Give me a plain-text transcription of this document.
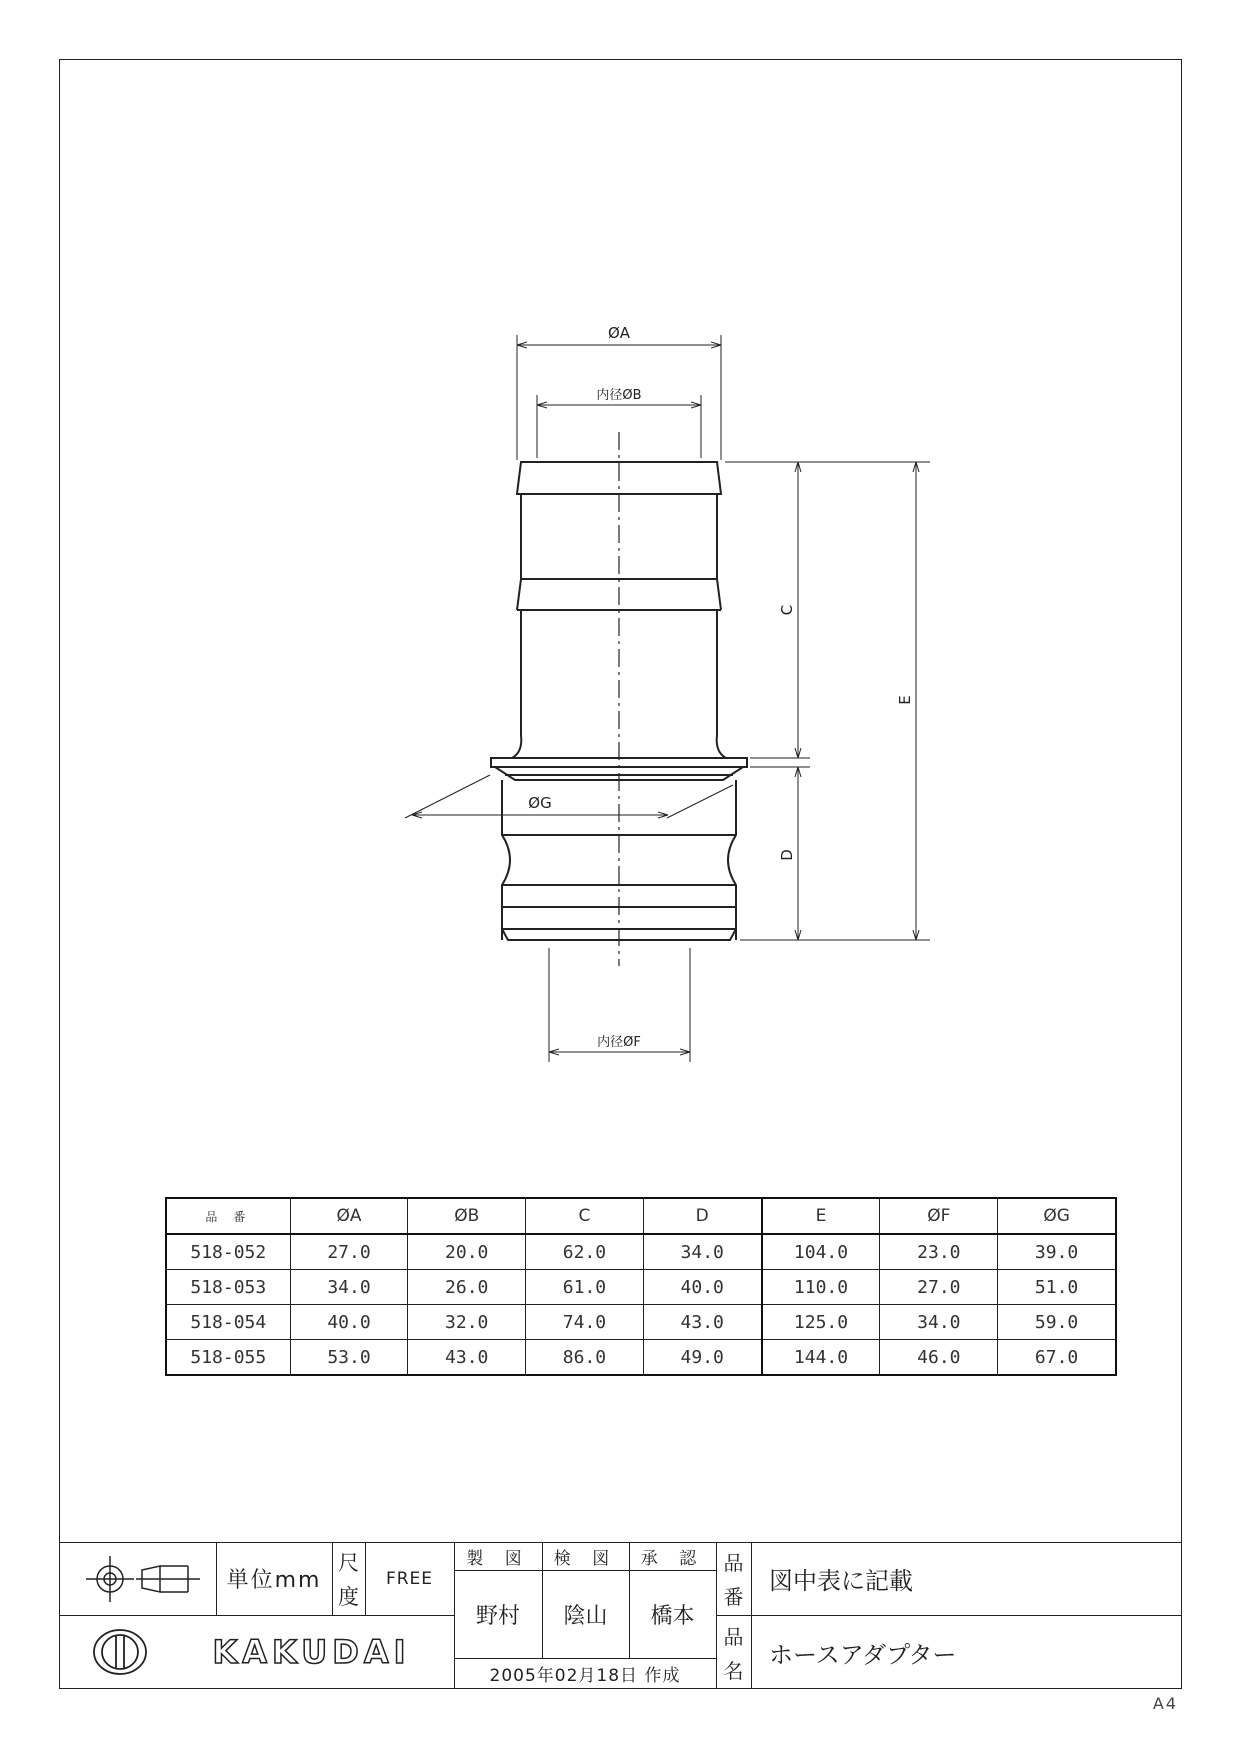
ØA
内径ØB
C
D
E
ØG
内径ØF
品 番	ØA	ØB	C	D	E	ØF	ØG
518-052	27.0	20.0	62.0	34.0	104.0	23.0	39.0
518-053	34.0	26.0	61.0	40.0	110.0	27.0	51.0
518-054	40.0	32.0	74.0	43.0	125.0	34.0	59.0
518-055	53.0	43.0	86.0	49.0	144.0	46.0	67.0
単位mm
尺
度
FREE
製 図	検 図	承 認
野村	陰山	橋本
品
番
図中表に記載
品
名
ホースアダプター
KAKUDAI
2005年02月18日 作成
A4
